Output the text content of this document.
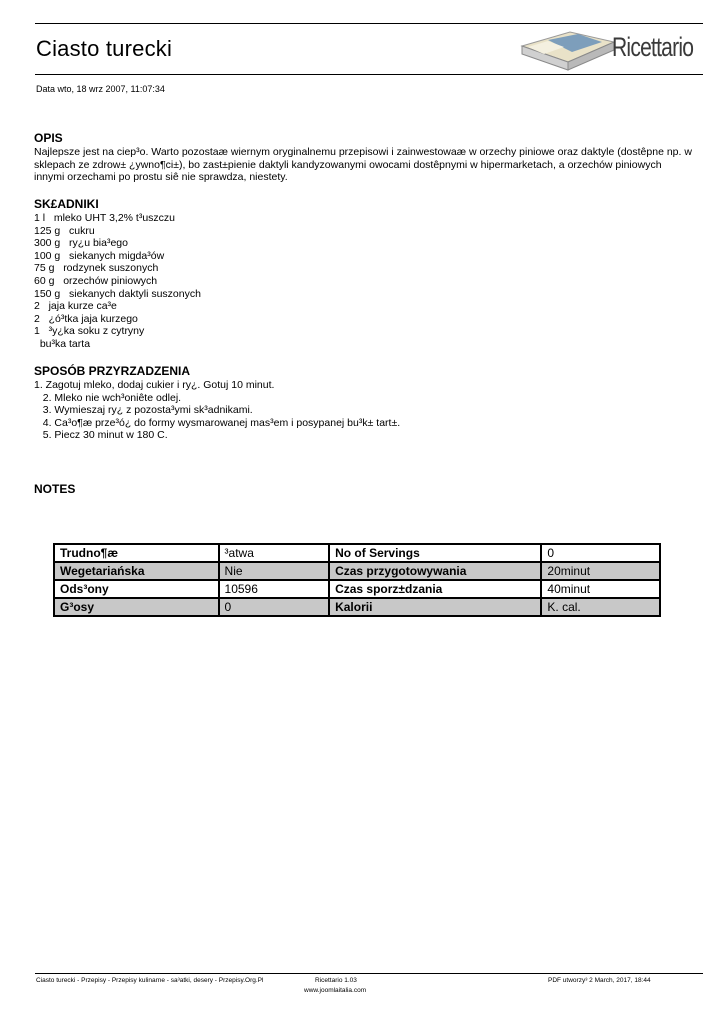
Ciasto turecki	Ricettario
Data wto, 18 wrz 2007, 11:07:34
OPIS
Najlepsze jest na ciep³o. Warto pozostaæ wiernym oryginalnemu przepisowi i zainwestowaæ w orzechy piniowe oraz daktyle (dostêpne np. w sklepach ze zdrow± ¿ywno¶ci±), bo zast±pienie daktyli kandyzowanymi owocami dostêpnymi w hipermarketach, a orzechów piniowych innymi orzechami po prostu siê nie sprawdza, niestety.
SK£ADNIKI
1 l   mleko UHT 3,2% t³uszczu
125 g   cukru
300 g   ry¿u bia³ego
100 g   siekanych migda³ów
75 g   rodzynek suszonych
60 g   orzechów piniowych
150 g   siekanych daktyli suszonych
2   jaja kurze ca³e
2   ¿ó³tka jaja kurzego
1   ³y¿ka soku z cytryny
bu³ka tarta
SPOSÓB PRZYRZADZENIA
1. Zagotuj mleko, dodaj cukier i ry¿. Gotuj 10 minut.
2. Mleko nie wch³oniête odlej.
3. Wymieszaj ry¿ z pozosta³ymi sk³adnikami.
4. Ca³o¶æ prze³ó¿ do formy wysmarowanej mas³em i posypanej bu³k± tart±.
5. Piecz 30 minut w 180 C.
NOTES
Trudno¶æ	³atwa	No of Servings	0
Wegetariańska	Nie	Czas przygotowywania	20minut
Ods³ony	10596	Czas sporz±dzania	40minut
G³osy	0	Kalorii	K. cal.
Ciasto turecki - Przepisy - Przepisy kulinarne - sa³atki, desery - Przepisy.Org.Pl	Ricettario 1.03
www.joomlaitalia.com
PDF utworzy³ 2 March, 2017, 18:44
